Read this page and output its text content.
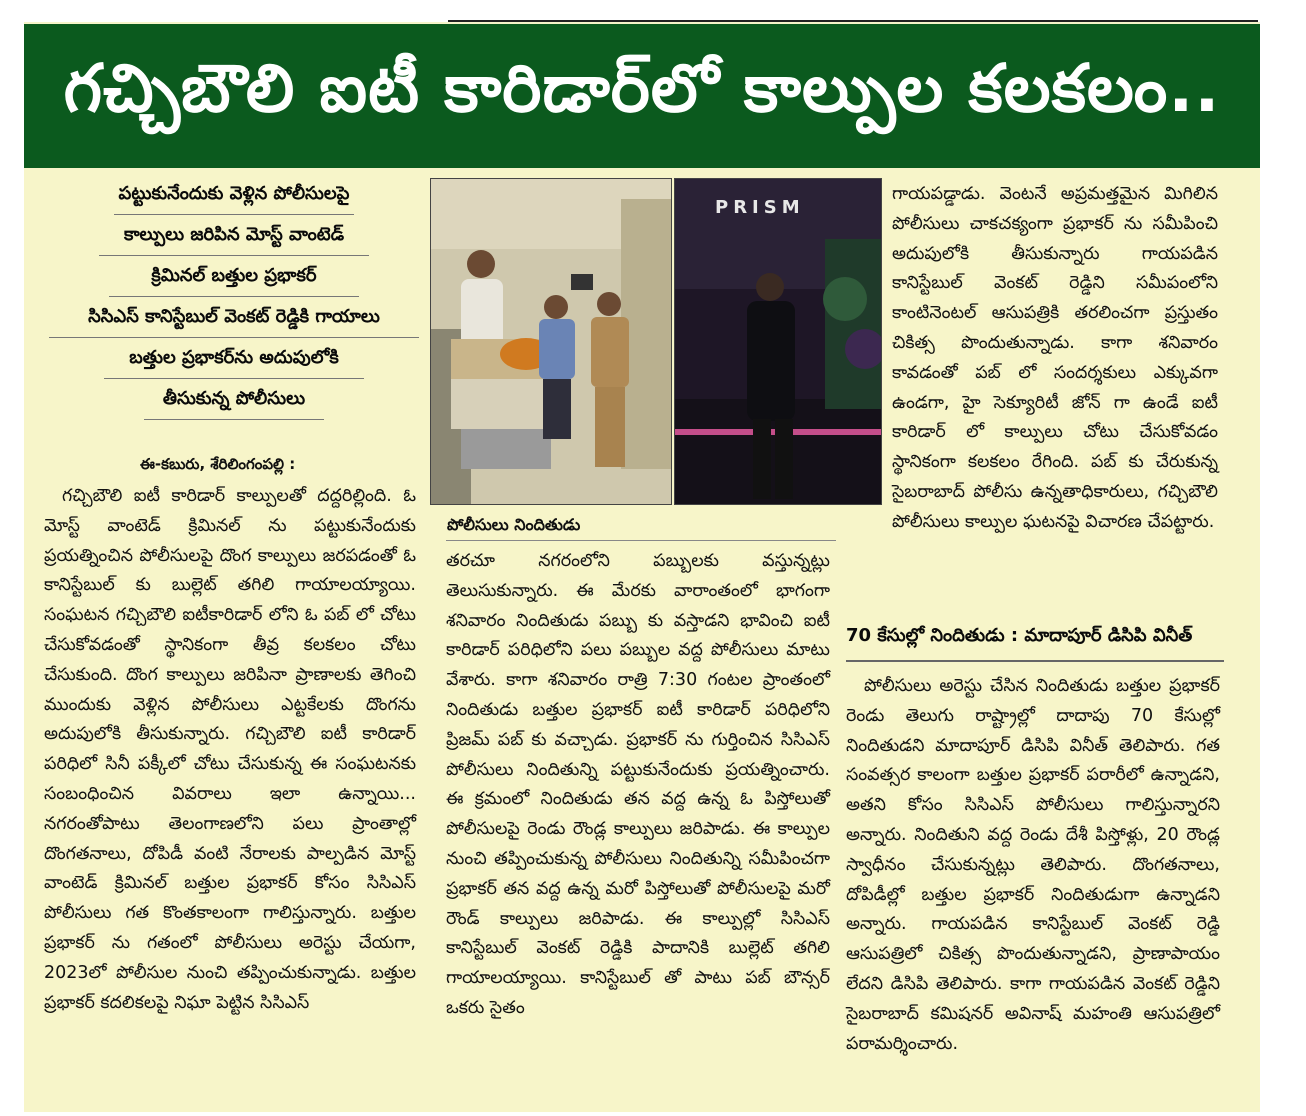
గచ్చిబౌలి ఐటీ కారిడార్‌లో కాల్పుల కలకలం..
పట్టుకునేందుకు వెళ్లిన పోలీసులపై
కాల్పులు జరిపిన మోస్ట్ వాంటెడ్
క్రిమినల్ బత్తుల ప్రభాకర్
సిసిఎస్ కానిస్టేబుల్ వెంకట్ రెడ్డికి గాయాలు
బత్తుల ప్రభాకర్‌ను అదుపులోకి
తీసుకున్న పోలీసులు
ఈ-కబురు, శేరిలింగంపల్లి :

గచ్చిబౌలి ఐటీ కారిడార్ కాల్పులతో దద్దరిల్లింది. ఓ మోస్ట్ వాంటెడ్ క్రిమినల్ ను పట్టుకునేందుకు ప్రయత్నించిన పోలీసులపై దొంగ కాల్పులు జరపడంతో ఓ కానిస్టేబుల్ కు బుల్లెట్ తగిలి గాయాలయ్యాయి. సంఘటన గచ్చిబౌలి ఐటీకారిడార్ లోని ఓ పబ్ లో చోటు చేసుకోవడంతో స్థానికంగా తీవ్ర కలకలం చోటు చేసుకుంది. దొంగ కాల్పులు జరిపినా ప్రాణాలకు తెగించి ముందుకు వెళ్లిన పోలీసులు ఎట్టకేలకు దొంగను అదుపులోకి తీసుకున్నారు. గచ్చిబౌలి ఐటీ కారిడార్ పరిధిలో సినీ పక్కీలో చోటు చేసుకున్న ఈ సంఘటనకు సంబంధించిన వివరాలు ఇలా ఉన్నాయి... నగరంతోపాటు తెలంగాణలోని పలు ప్రాంతాల్లో దొంగతనాలు, దోపిడీ వంటి నేరాలకు పాల్పడిన మోస్ట్ వాంటెడ్ క్రిమినల్ బత్తుల ప్రభాకర్ కోసం సిసిఎస్ పోలీసులు గత కొంతకాలంగా గాలిస్తున్నారు. బత్తుల ప్రభాకర్ ను గతంలో పోలీసులు అరెస్టు చేయగా, 2023లో పోలీసుల నుంచి తప్పించుకున్నాడు. బత్తుల ప్రభాకర్ కదలికలపై నిఘా పెట్టిన సిసిఎస్

PRISM
పోలీసులు నిందితుడు

తరచూ నగరంలోని పబ్బులకు వస్తున్నట్లు తెలుసుకున్నారు. ఈ మేరకు వారాంతంలో భాగంగా శనివారం నిందితుడు పబ్బు కు వస్తాడని భావించి ఐటీ కారిడార్ పరిధిలోని పలు పబ్బుల వద్ద పోలీసులు మాటు వేశారు. కాగా శనివారం రాత్రి 7:30 గంటల ప్రాంతంలో నిందితుడు బత్తుల ప్రభాకర్ ఐటీ కారిడార్ పరిధిలోని ప్రిజమ్ పబ్ కు వచ్చాడు. ప్రభాకర్ ను గుర్తించిన సిసిఎస్ పోలీసులు నిందితున్ని పట్టుకునేందుకు ప్రయత్నించారు. ఈ క్రమంలో నిందితుడు తన వద్ద ఉన్న ఓ పిస్తోలుతో పోలీసులపై రెండు రౌండ్ల కాల్పులు జరిపాడు. ఈ కాల్పుల నుంచి తప్పించుకున్న పోలీసులు నిందితున్ని సమీపించగా ప్రభాకర్ తన వద్ద ఉన్న మరో పిస్తోలుతో పోలీసులపై మరో రౌండ్ కాల్పులు జరిపాడు. ఈ కాల్పుల్లో సిసిఎస్ కానిస్టేబుల్ వెంకట్ రెడ్డికి పాదానికి బుల్లెట్ తగిలి గాయాలయ్యాయి. కానిస్టేబుల్ తో పాటు పబ్ బౌన్సర్ ఒకరు సైతం

గాయపడ్డాడు. వెంటనే అప్రమత్తమైన మిగిలిన పోలీసులు చాకచక్యంగా ప్రభాకర్ ను సమీపించి అదుపులోకి తీసుకున్నారు గాయపడిన కానిస్టేబుల్ వెంకట్ రెడ్డిని సమీపంలోని కాంటినెంటల్ ఆసుపత్రికి తరలించగా ప్రస్తుతం చికిత్స పొందుతున్నాడు. కాగా శనివారం కావడంతో పబ్ లో సందర్శకులు ఎక్కువగా ఉండగా, హై సెక్యూరిటీ జోన్ గా ఉండే ఐటీ కారిడార్ లో కాల్పులు చోటు చేసుకోవడం స్థానికంగా కలకలం రేగింది. పబ్ కు చేరుకున్న సైబరాబాద్ పోలీసు ఉన్నతాధికారులు, గచ్చిబౌలి పోలీసులు కాల్పుల ఘటనపై విచారణ చేపట్టారు.

70 కేసుల్లో నిందితుడు : మాదాపూర్ డిసిపి వినీత్

పోలీసులు అరెస్టు చేసిన నిందితుడు బత్తుల ప్రభాకర్ రెండు తెలుగు రాష్ట్రాల్లో దాదాపు 70 కేసుల్లో నిందితుడని మాదాపూర్ డిసిపి వినీత్ తెలిపారు. గత సంవత్సర కాలంగా బత్తుల ప్రభాకర్ పరారీలో ఉన్నాడని, అతని కోసం సిసిఎస్ పోలీసులు గాలిస్తున్నారని అన్నారు. నిందితుని వద్ద రెండు దేశీ పిస్తోళ్లు, 20 రౌండ్ల స్వాధీనం చేసుకున్నట్లు తెలిపారు. దొంగతనాలు, దోపిడీల్లో బత్తుల ప్రభాకర్ నిందితుడుగా ఉన్నాడని అన్నారు. గాయపడిన కానిస్టేబుల్ వెంకట్ రెడ్డి ఆసుపత్రిలో చికిత్స పొందుతున్నాడని, ప్రాణాపాయం లేదని డిసిపి తెలిపారు. కాగా గాయపడిన వెంకట్ రెడ్డిని సైబరాబాద్ కమిషనర్ అవినాష్ మహంతి ఆసుపత్రిలో పరామర్శించారు.
